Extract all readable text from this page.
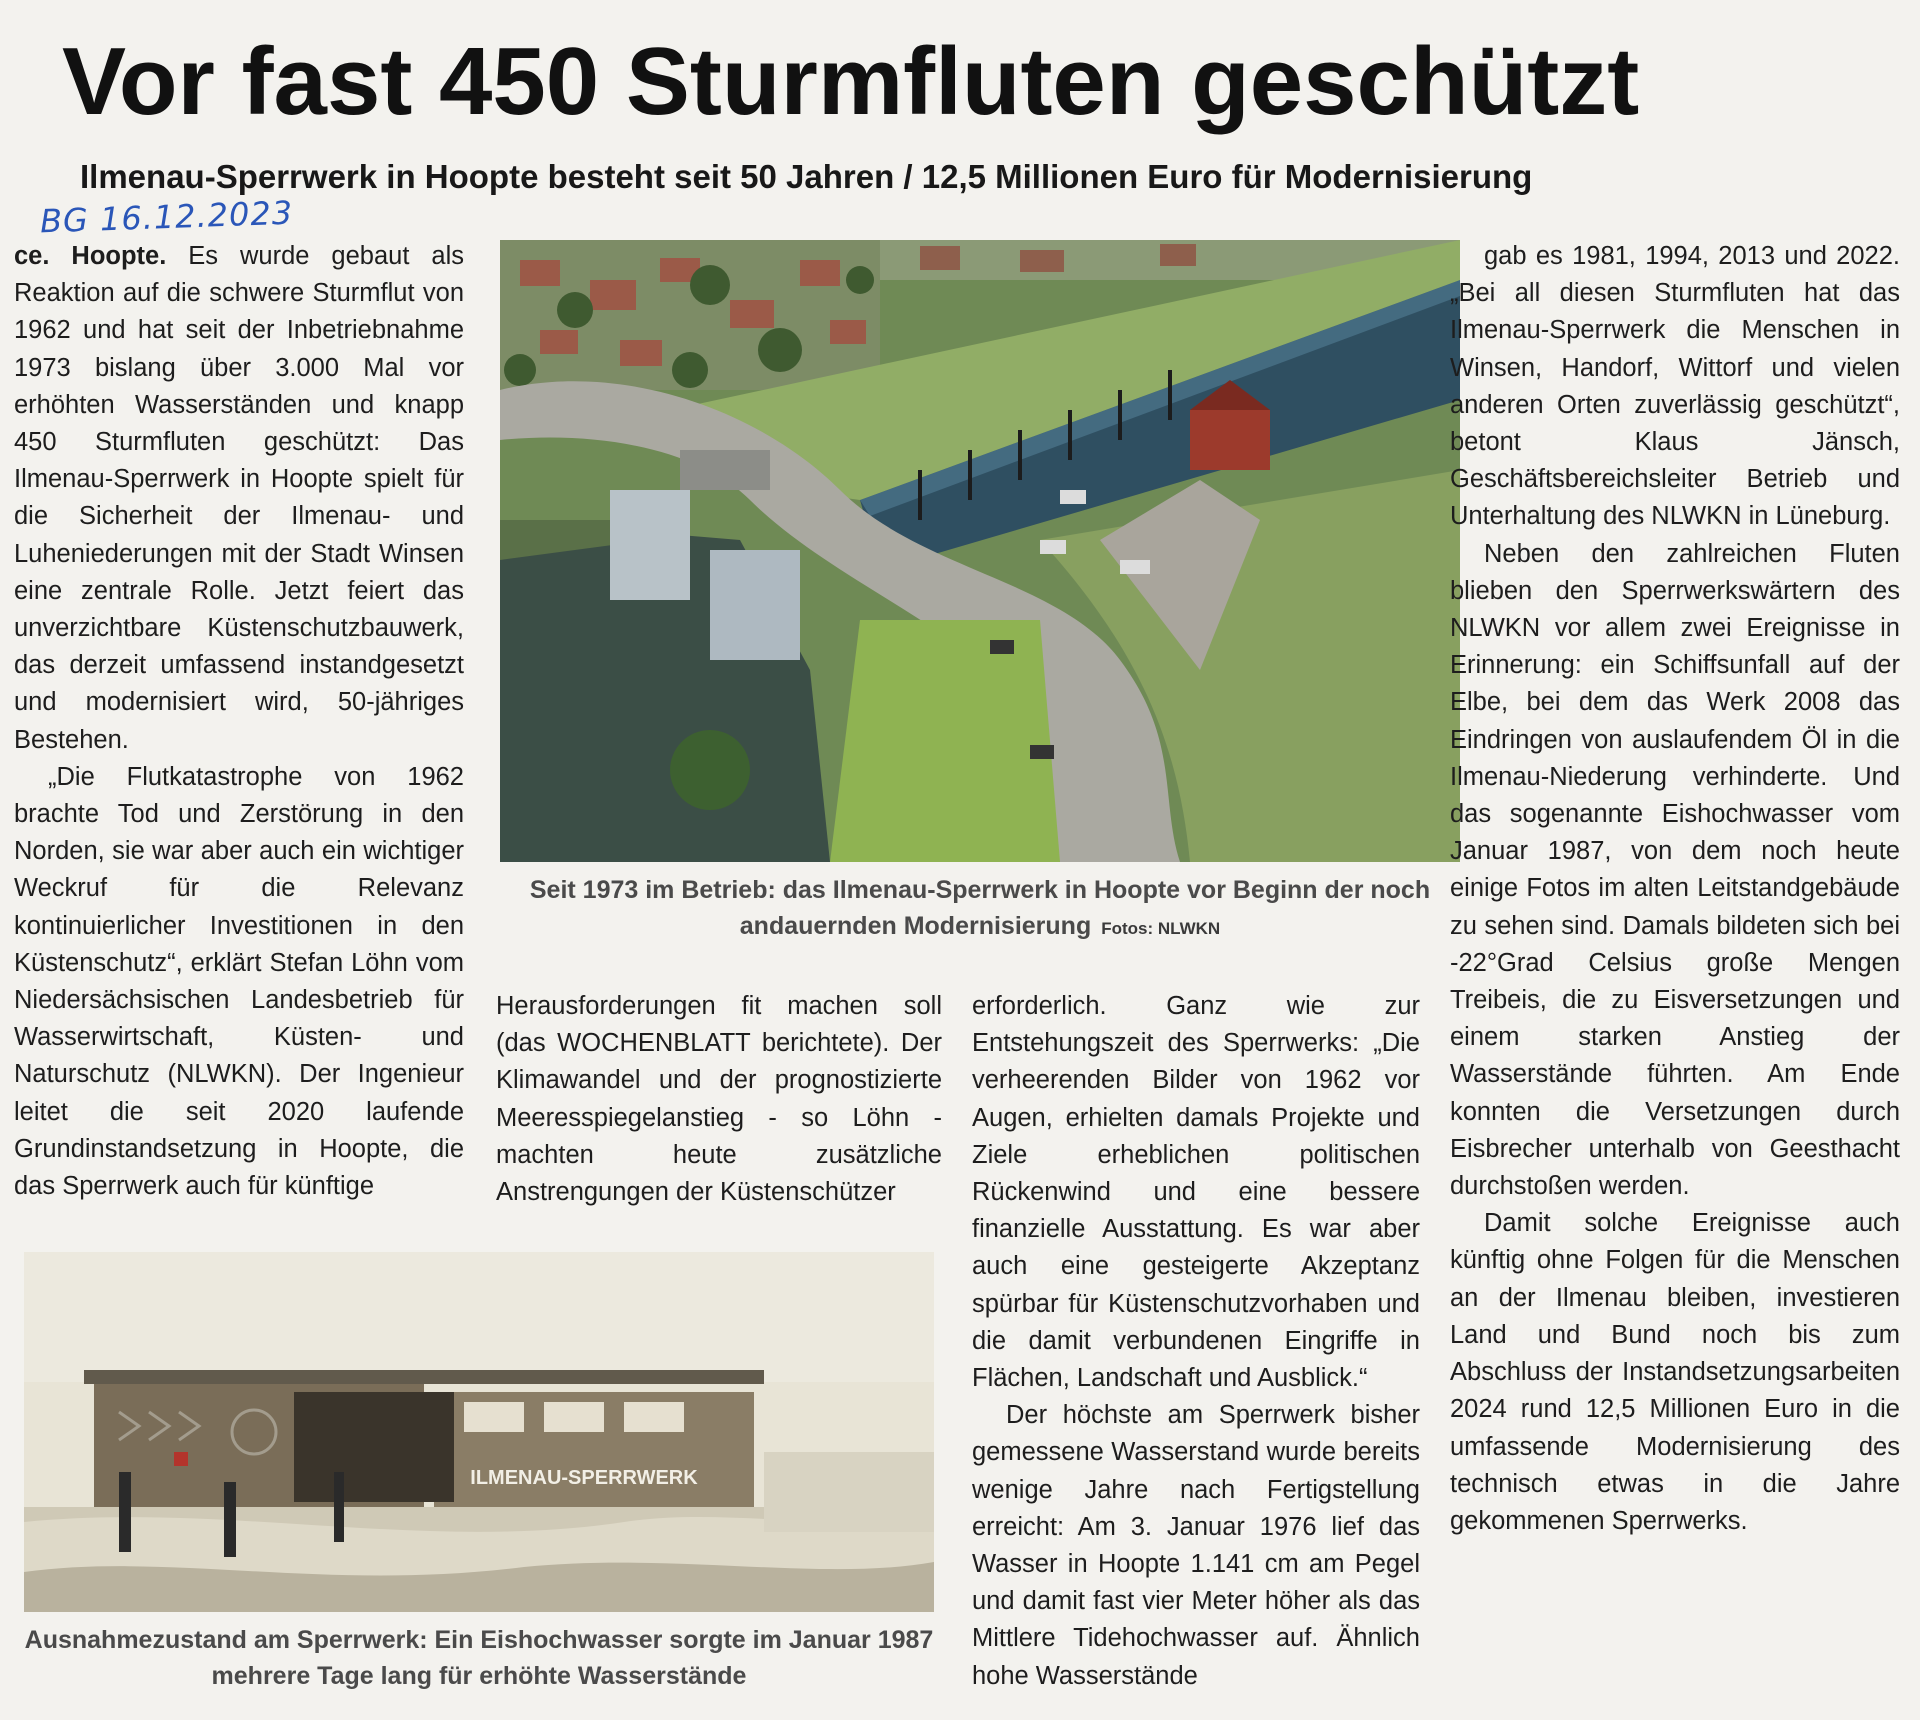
Vor fast 450 Sturmfluten geschützt
Ilmenau-Sperrwerk in Hoopte besteht seit 50 Jahren / 12,5 Millionen Euro für Modernisierung
BG 16.12.2023

ce. Hoopte. Es wurde gebaut als Reaktion auf die schwere Sturmflut von 1962 und hat seit der Inbetriebnahme 1973 bislang über 3.000 Mal vor erhöhten Wasserständen und knapp 450 Sturmfluten geschützt: Das Ilmenau-Sperrwerk in Hoopte spielt für die Sicherheit der Ilmenau- und Luheniederungen mit der Stadt Winsen eine zentrale Rolle. Jetzt feiert das unverzichtbare Küstenschutzbauwerk, das derzeit umfassend instandgesetzt und modernisiert wird, 50-jähriges Bestehen.

„Die Flutkatastrophe von 1962 brachte Tod und Zerstörung in den Norden, sie war aber auch ein wichtiger Weckruf für die Relevanz kontinuierlicher Investitionen in den Küstenschutz“, erklärt Stefan Löhn vom Niedersächsischen Landesbetrieb für Wasserwirtschaft, Küsten- und Naturschutz (NLWKN). Der Ingenieur leitet die seit 2020 laufende Grundinstandsetzung in Hoopte, die das Sperrwerk auch für künftige

Seit 1973 im Betrieb: das Ilmenau-Sperrwerk in Hoopte vor Beginn der noch andauernden Modernisierung Fotos: NLWKN

Herausforderungen fit machen soll (das WOCHENBLATT berichtete). Der Klimawandel und der prognostizierte Meeresspiegelanstieg - so Löhn - machten heute zusätzliche Anstrengungen der Küstenschützer

erforderlich. Ganz wie zur Entstehungszeit des Sperrwerks: „Die verheerenden Bilder von 1962 vor Augen, erhielten damals Projekte und Ziele erheblichen politischen Rückenwind und eine bessere finanzielle Ausstattung. Es war aber auch eine gesteigerte Akzeptanz spürbar für Küstenschutzvorhaben und die damit verbundenen Eingriffe in Flächen, Landschaft und Ausblick.“

Der höchste am Sperrwerk bisher gemessene Wasserstand wurde bereits wenige Jahre nach Fertigstellung erreicht: Am 3. Januar 1976 lief das Wasser in Hoopte 1.141 cm am Pegel und damit fast vier Meter höher als das Mittlere Tidehochwasser auf. Ähnlich hohe Wasserstände

gab es 1981, 1994, 2013 und 2022. „Bei all diesen Sturmfluten hat das Ilmenau-Sperrwerk die Menschen in Winsen, Handorf, Wittorf und vielen anderen Orten zuverlässig geschützt“, betont Klaus Jänsch, Geschäftsbereichsleiter Betrieb und Unterhaltung des NLWKN in Lüneburg.

Neben den zahlreichen Fluten blieben den Sperrwerkswärtern des NLWKN vor allem zwei Ereignisse in Erinnerung: ein Schiffsunfall auf der Elbe, bei dem das Werk 2008 das Eindringen von auslaufendem Öl in die Ilmenau-Niederung verhinderte. Und das sogenannte Eishochwasser vom Januar 1987, von dem noch heute einige Fotos im alten Leitstandgebäude zu sehen sind. Damals bildeten sich bei -22°Grad Celsius große Mengen Treibeis, die zu Eisversetzungen und einem starken Anstieg der Wasserstände führten. Am Ende konnten die Versetzungen durch Eisbrecher unterhalb von Geesthacht durchstoßen werden.

Damit solche Ereignisse auch künftig ohne Folgen für die Menschen an der Ilmenau bleiben, investieren Land und Bund noch bis zum Abschluss der Instandsetzungsarbeiten 2024 rund 12,5 Millionen Euro in die umfassende Modernisierung des technisch etwas in die Jahre gekommenen Sperrwerks.

ILMENAU-SPERRWERK

Ausnahmezustand am Sperrwerk: Ein Eishochwasser sorgte im Januar 1987 mehrere Tage lang für erhöhte Wasserstände
